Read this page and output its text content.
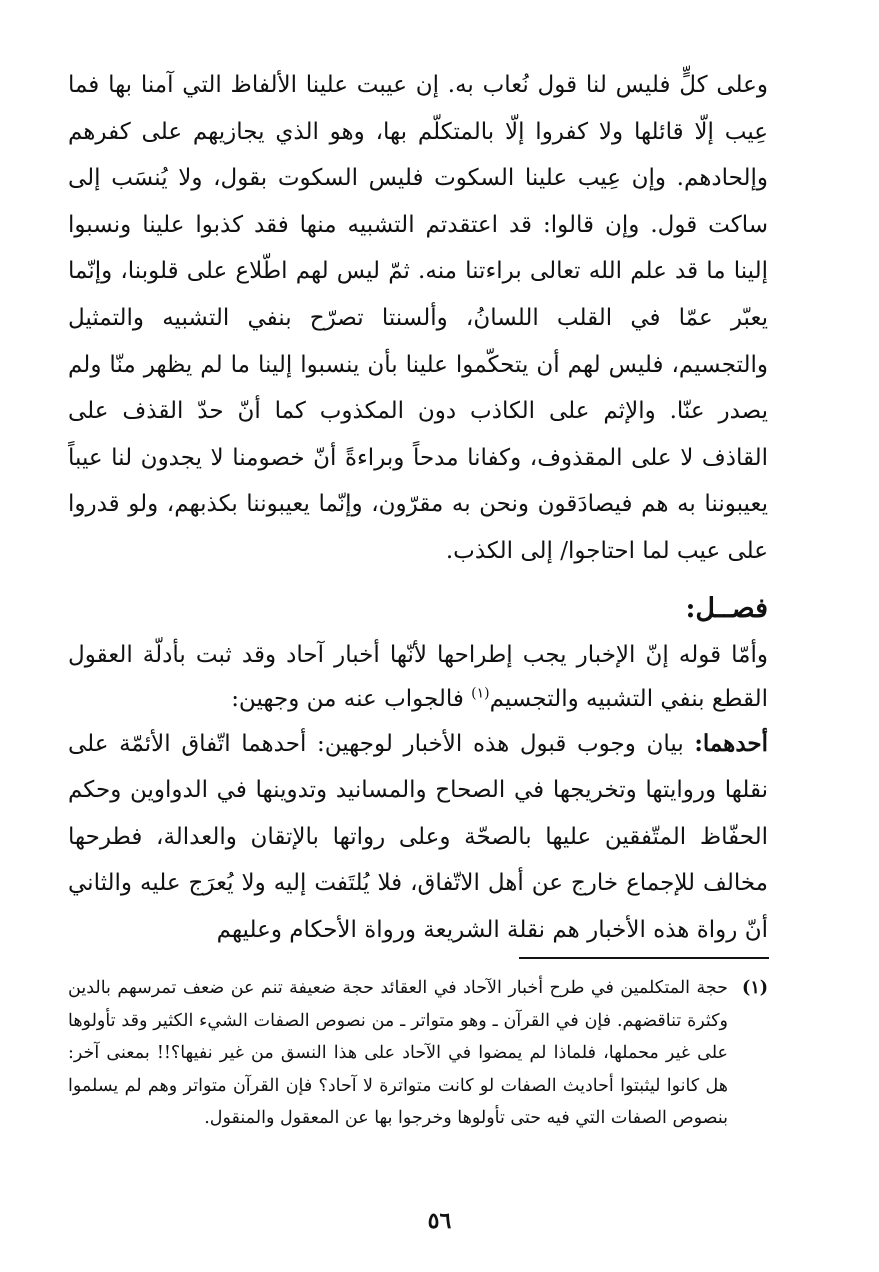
وعلى كلٍّ فليس لنا قول نُعاب به. إن عيبت علينا الألفاظ التي آمنا بها فما عِيب إلّا قائلها ولا كفروا إلّا بالمتكلّم بها، وهو الذي يجازيهم على كفرهم وإلحادهم. وإن عِيب علينا السكوت فليس السكوت بقول، ولا يُنسَب إلى ساكت قول. وإن قالوا: قد اعتقدتم التشبيه منها فقد كذبوا علينا ونسبوا إلينا ما قد علم الله تعالى براءتنا منه. ثمّ ليس لهم اطّلاع على قلوبنا، وإنّما يعبّر عمّا في القلب اللسانُ، وألسنتا تصرّح بنفي التشبيه والتمثيل والتجسيم، فليس لهم أن يتحكّموا علينا بأن ينسبوا إلينا ما لم يظهر منّا ولم يصدر عنّا. والإثم على الكاذب دون المكذوب كما أنّ حدّ القذف على القاذف لا على المقذوف، وكفانا مدحاً وبراءةً أنّ خصومنا لا يجدون لنا عيباً يعيبوننا به هم فيصادَقون ونحن به مقرّون، وإنّما يعيبوننا بكذبهم، ولو قدروا على عيب لما احتاجوا/ إلى الكذب.

فصــل:

وأمّا قوله إنّ الإخبار يجب إطراحها لأنّها أخبار آحاد وقد ثبت بأدلّة العقول القطع بنفي التشبيه والتجسيم$^{(١)}$ فالجواب عنه من وجهين:

أحدهما: بيان وجوب قبول هذه الأخبار لوجهين: أحدهما اتّفاق الأئمّة على نقلها وروايتها وتخريجها في الصحاح والمسانيد وتدوينها في الدواوين وحكم الحفّاظ المتّفقين عليها بالصحّة وعلى رواتها بالإتقان والعدالة، فطرحها مخالف للإجماع خارج عن أهل الاتّفاق، فلا يُلتَفت إليه ولا يُعرَج عليه والثاني أنّ رواة هذه الأخبار هم نقلة الشريعة ورواة الأحكام وعليهم

(١)
حجة المتكلمين في طرح أخبار الآحاد في العقائد حجة ضعيفة تنم عن ضعف تمرسهم بالدين وكثرة تناقضهم. فإن في القرآن ـ وهو متواتر ـ من نصوص الصفات الشيء الكثير وقد تأولوها على غير محملها، فلماذا لم يمضوا في الآحاد على هذا النسق من غير نفيها؟!! بمعنى آخر: هل كانوا ليثبتوا أحاديث الصفات لو كانت متواترة لا آحاد؟ فإن القرآن متواتر وهم لم يسلموا بنصوص الصفات التي فيه حتى تأولوها وخرجوا بها عن المعقول والمنقول.
٥٦
